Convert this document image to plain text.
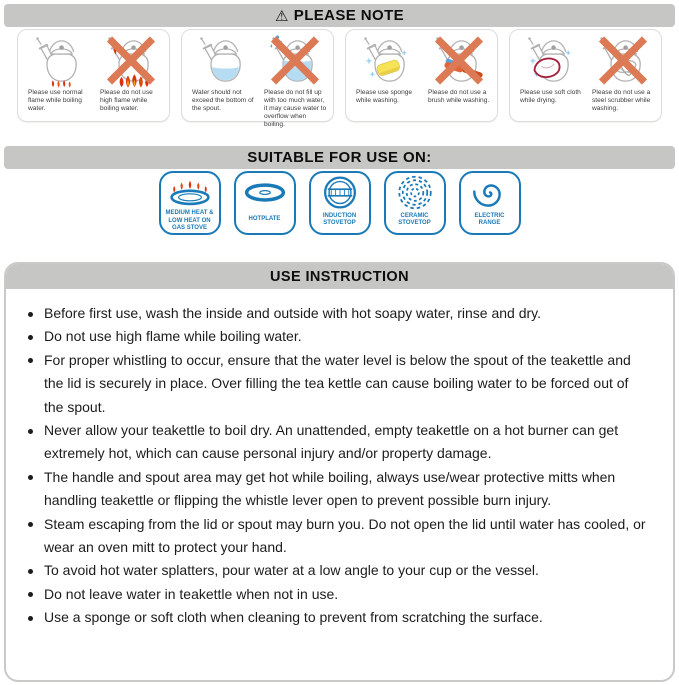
⚠ PLEASE NOTE
Please use normal flame while boiling water.
Please do not use high flame while boiling water.
Water should not exceed the bottom of the spout.
Please do not fill up with too much water, it may cause water to overflow when boiling.
Please use sponge while washing.
Please do not use a brush while washing.
Please use soft cloth while drying.
Please do not use a steel scrubber while washing.
SUITABLE FOR USE ON:
MEDIUM HEAT & LOW HEAT ON GAS STOVE
HOTPLATE
INDUCTION STOVETOP
CERAMIC STOVETOP
ELECTRIC RANGE
USE INSTRUCTION
Before first use, wash the inside and outside with hot soapy water, rinse and dry.
Do not use high flame while boiling water.
For proper whistling to occur, ensure that the water level is below the spout of the teakettle and the lid is securely in place. Over filling the tea kettle can cause boiling water to be forced out of the spout.
Never allow your teakettle to boil dry. An unattended, empty teakettle on a hot burner can get extremely hot, which can cause personal injury and/or property damage.
The handle and spout area may get hot while boiling, always use/wear protective mitts when handling teakettle or flipping the whistle lever open to prevent possible burn injury.
Steam escaping from the lid or spout may burn you. Do not open the lid until water has cooled, or wear an oven mitt to protect your hand.
To avoid hot water splatters, pour water at a low angle to your cup or the vessel.
Do not leave water in teakettle when not in use.
Use a sponge or soft cloth when cleaning to prevent from scratching the surface.
